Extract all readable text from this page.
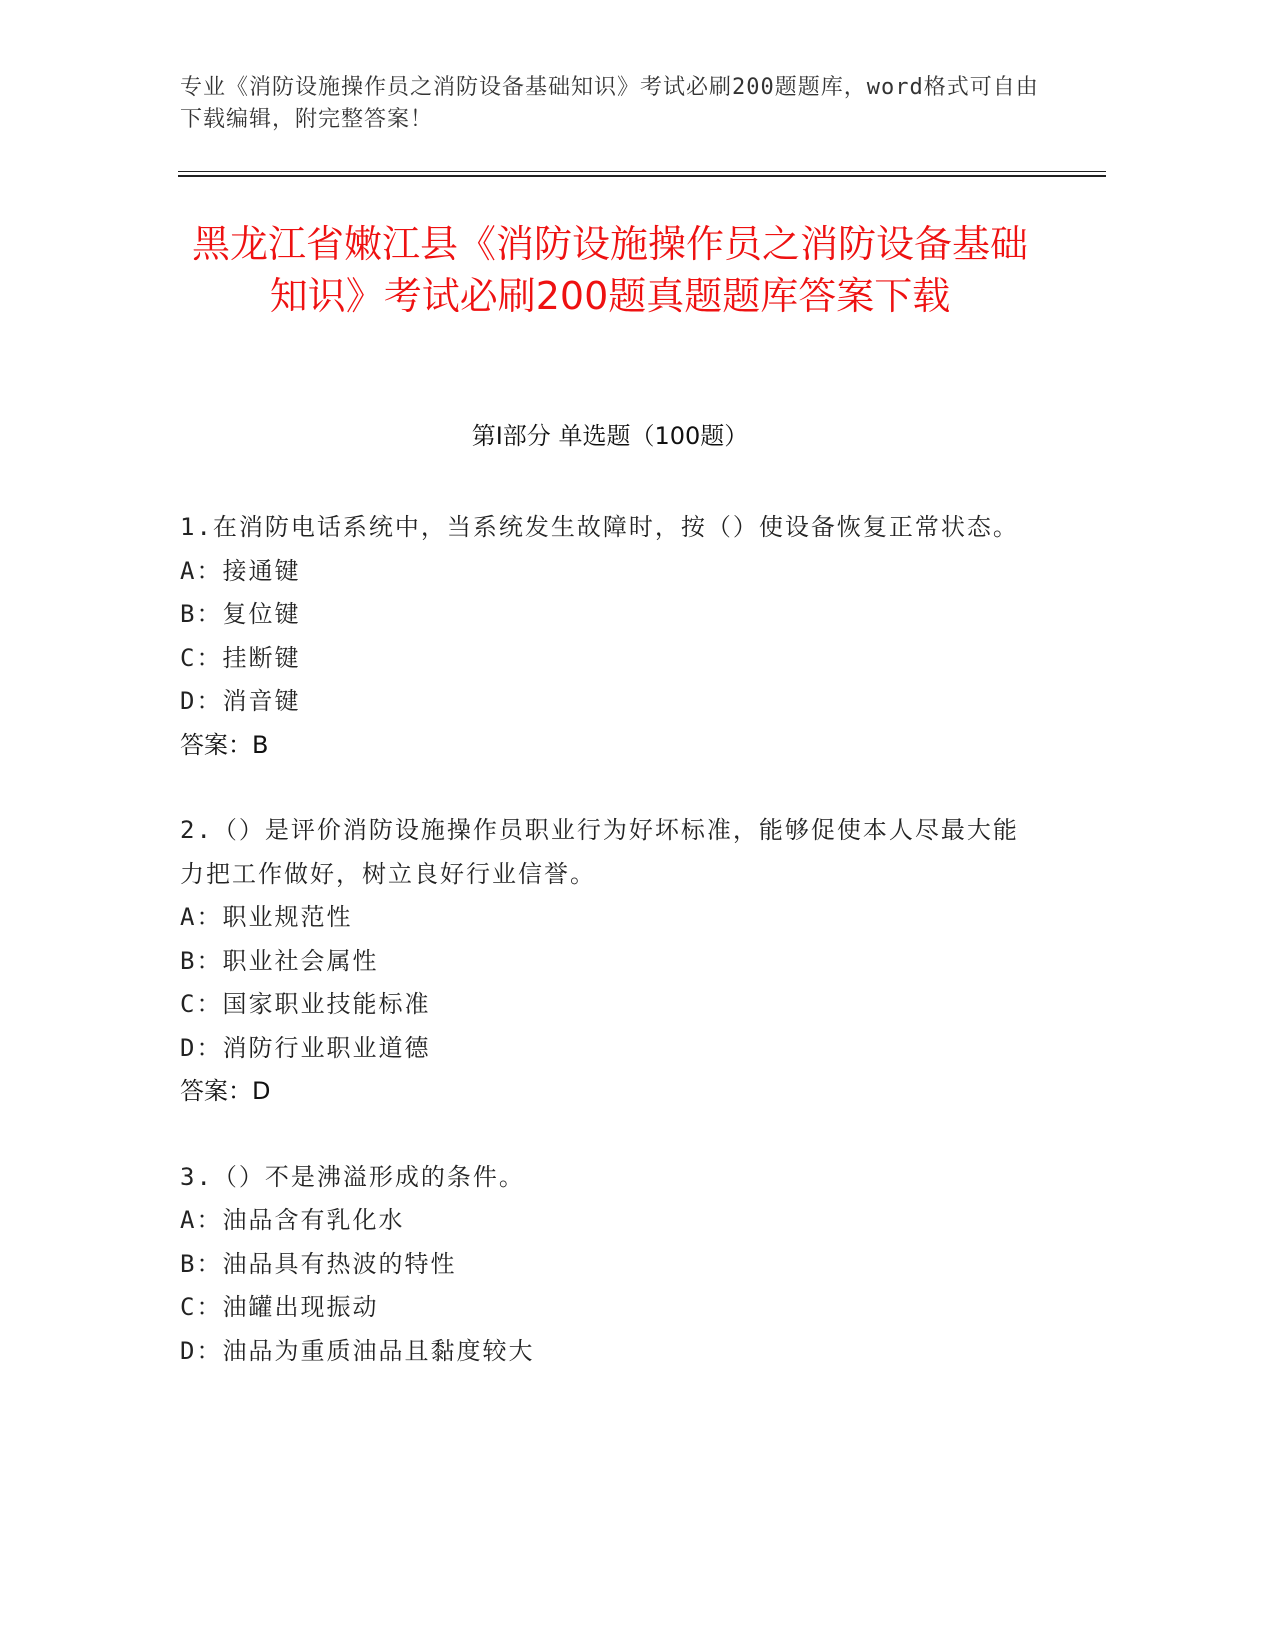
专业《消防设施操作员之消防设备基础知识》考试必刷200题题库，word格式可自由下载编辑，附完整答案！
黑龙江省嫩江县《消防设施操作员之消防设备基础知识》考试必刷200题真题题库答案下载
第I部分 单选题（100题）
1.在消防电话系统中，当系统发生故障时，按（）使设备恢复正常状态。
A：接通键
B：复位键
C：挂断键
D：消音键
答案：B
2.（）是评价消防设施操作员职业行为好坏标准，能够促使本人尽最大能力把工作做好，树立良好行业信誉。
A：职业规范性
B：职业社会属性
C：国家职业技能标准
D：消防行业职业道德
答案：D
3.（）不是沸溢形成的条件。
A：油品含有乳化水
B：油品具有热波的特性
C：油罐出现振动
D：油品为重质油品且黏度较大
